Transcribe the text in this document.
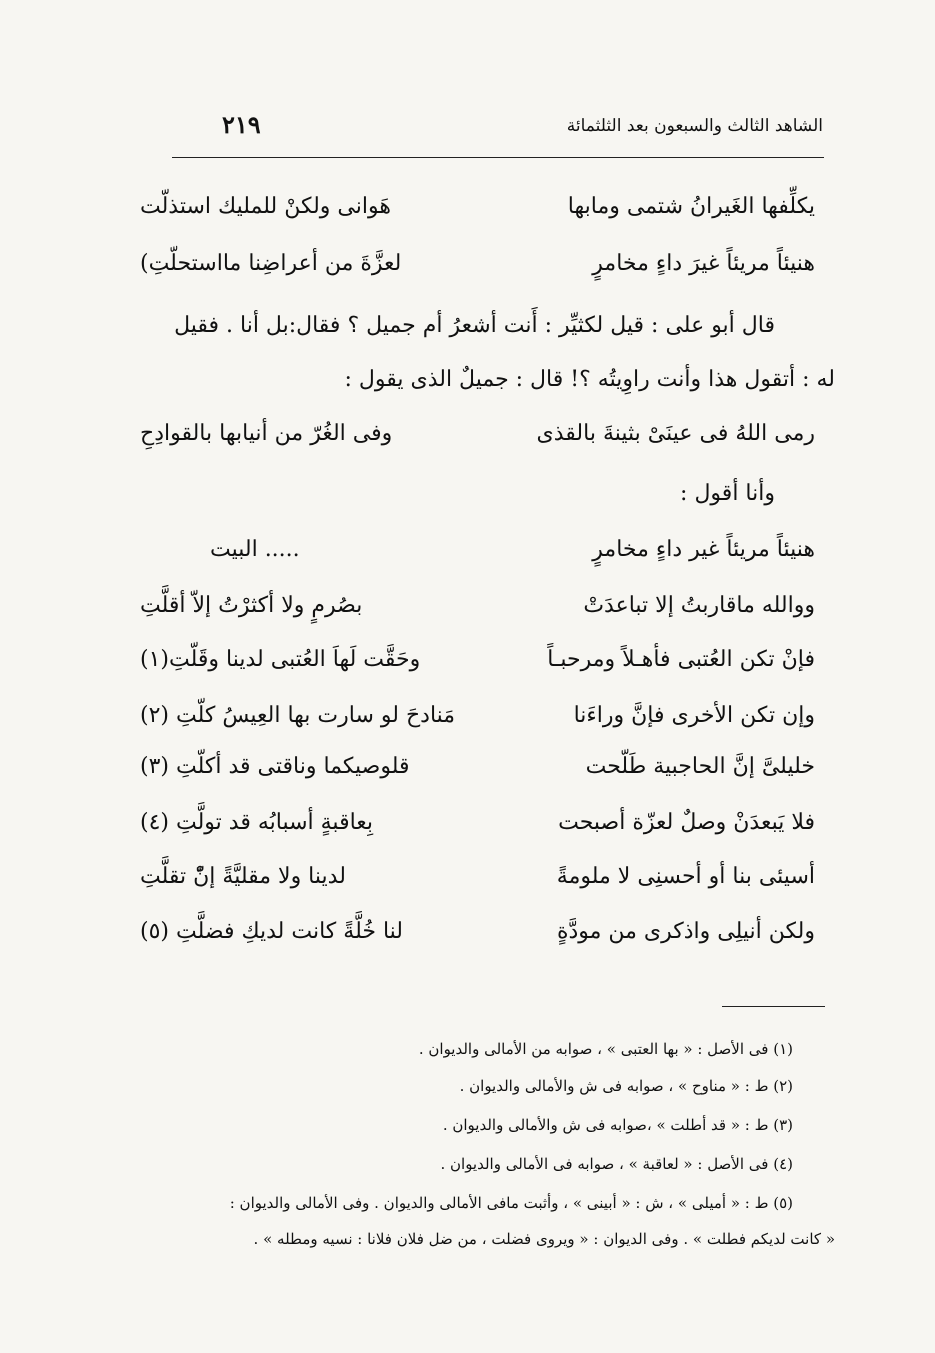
الشاهد الثالث والسبعون بعد الثلثمائة
٢١٩
يكلِّفها الغَيرانُ شتمى ومابها
هَوانى ولكنْ للمليك استذلّت
هنيئاً مريئاً غيرَ داءٍ مخامرٍ
لعزَّةَ من أعراضِنا مااستحلّتِ)
قال أبو على : قيل لكثيِّر : أَنت أشعرُ أم جميل ؟ فقال:بل أنا . فقيل
له : أتقول هذا وأنت راوِيتُه ؟! قال : جميلٌ الذى يقول :
رمى اللهُ فى عينَىْ بثينةَ بالقذى
وفى الغُرّ من أنيابها بالقوادِحِ
وأنا أقول :
هنيئاً مريئاً غير داءٍ مخامرٍ
..... البيت
ووالله ماقاربتُ إلا تباعدَتْ
بصُرمٍ ولا أكثرْتُ إلاّ أقلَّتِ
فإنْ تكن العُتبى فأهـلاً ومرحبـاً
وحَقَّت لَهاَ العُتبى لدينا وقَلّتِ(١)
وإن تكن الأخرى فإنَّ وراءَنا
مَنادحَ لو سارت بها العِيسُ كلّتِ (٢)
خليلىَّ إنَّ الحاجبية طَلّحت
قلوصيكما وناقتى قد أكلّتِ (٣)
فلا يَبعدَنْ وصلٌ لعزّة أصبحت
بِعاقبةٍ أسبابُه قد تولَّتِ (٤)
أسيئى بنا أو أحسنِى لا ملومةً
لدينا ولا مقليَّةً إنّْ تقلَّتِ
ولكن أنيلِى واذكرى من مودَّةٍ
لنا خُلَّةً كانت لديكِ فضلَّتِ (٥)
(١) فى الأصل : « بها العتبى » ، صوابه من الأمالى والديوان .
(٢) ط : « مناوح » ، صوابه فى ش والأمالى والديوان .
(٣) ط : « قد أطلت » ،صوابه فى ش والأمالى والديوان .
(٤) فى الأصل : « لعاقبة » ، صوابه فى الأمالى والديوان .
(٥) ط : « أميلى » ، ش : « أبينى » ، وأثبت مافى الأمالى والديوان . وفى الأمالى والديوان :
« كانت لديكم فطلت » . وفى الديوان : « ويروى فضلت ، من ضل فلان فلانا : نسيه ومطله » .
